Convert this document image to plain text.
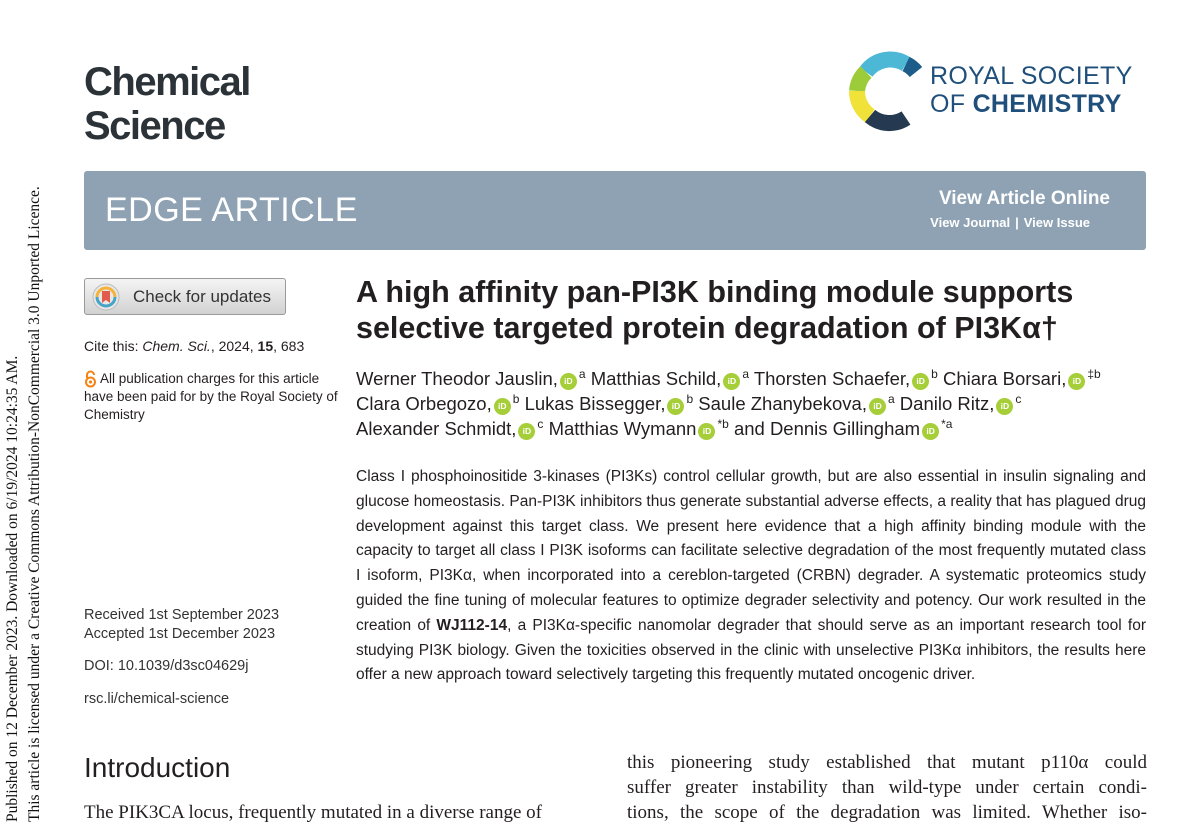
Published on 12 December 2023. Downloaded on 6/19/2024 10:24:35 AM. This article is licensed under a Creative Commons Attribution-NonCommercial 3.0 Unported Licence.
Chemical
Science
ROYAL SOCIETY
OF CHEMISTRY
EDGE ARTICLE	View Article Online
View Journal | View Issue
Check for updates
Cite this: Chem. Sci., 2024, 15, 683
All publication charges for this article have been paid for by the Royal Society of Chemistry
Received 1st September 2023
Accepted 1st December 2023
DOI: 10.1039/d3sc04629j
rsc.li/chemical-science
A high affinity pan-PI3K binding module supports selective targeted protein degradation of PI3Kα†
Werner Theodor Jauslin, $iD^a$ Matthias Schild, $iD^a$ Thorsten Schaefer, $iD^b$ Chiara Borsari, $iD^{\ddagger b}$ Clara Orbegozo, $iD^b$ Lukas Bissegger, $iD^b$ Saule Zhanybekova, $iD^a$ Danilo Ritz, $iD^c$ Alexander Schmidt, $iD^c$ Matthias Wymann $iD^{*b}$ and Dennis Gillingham $iD^{*a}$

Class I phosphoinositide 3-kinases (PI3Ks) control cellular growth, but are also essential in insulin signaling and glucose homeostasis. Pan-PI3K inhibitors thus generate substantial adverse effects, a reality that has plagued drug development against this target class. We present here evidence that a high affinity binding module with the capacity to target all class I PI3K isoforms can facilitate selective degradation of the most frequently mutated class I isoform, PI3Kα, when incorporated into a cereblon-targeted (CRBN) degrader. A systematic proteomics study guided the fine tuning of molecular features to optimize degrader selectivity and potency. Our work resulted in the creation of WJ112-14, a PI3Kα-specific nanomolar degrader that should serve as an important research tool for studying PI3K biology. Given the toxicities observed in the clinic with unselective PI3Kα inhibitors, the results here offer a new approach toward selectively targeting this frequently mutated oncogenic driver.

Introduction

The PIK3CA locus, frequently mutated in a diverse range of

this pioneering study established that mutant p110α could
suffer greater instability than wild-type under certain condi-
tions, the scope of the degradation was limited. Whether iso-
